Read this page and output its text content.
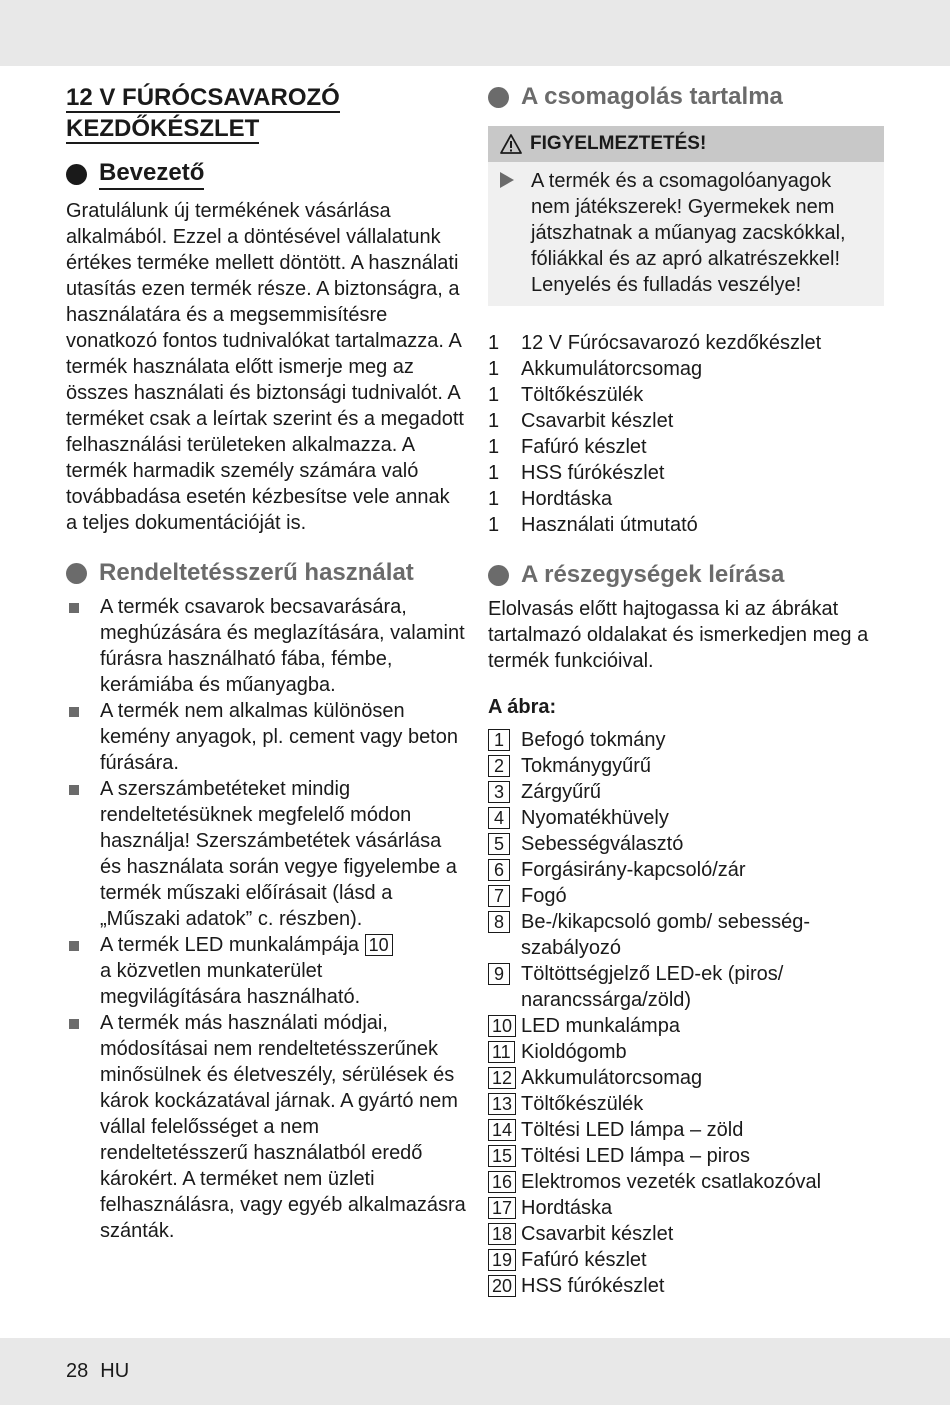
12 V FÚRÓCSAVAROZÓ
KEZDŐKÉSZLET
Bevezető

Gratulálunk új termékének vásárlása alkalmából. Ezzel a döntésével vállalatunk értékes terméke mellett döntött. A használati utasítás ezen termék része. A biztonságra, a használatára és a megsemmisítésre vonatkozó fontos tudnivalókat tartalmazza. A termék használata előtt ismerje meg az összes használati és biztonsági tudnivalót. A terméket csak a leírtak szerint és a megadott felhasználási területeken alkalmazza. A termék harmadik személy számára való továbbadása esetén kézbesítse vele annak a teljes dokumentációját is.

Rendeltetésszerű használat
A termék csavarok becsavarására, meghúzására és meglazítására, valamint fúrásra használható fába, fémbe, kerámiába és műanyagba.
A termék nem alkalmas különösen kemény anyagok, pl. cement vagy beton fúrására.
A szerszámbetéteket mindig rendeltetésüknek megfelelő módon használja! Szerszámbetétek vásárlása és használata során vegye figyelembe a termék műszaki előírásait (lásd a „Műszaki adatok” c. részben).
A termék LED munkalámpája 10
a közvetlen munkaterület megvilágítására használható.
A termék más használati módjai, módosításai nem rendeltetésszerűnek minősülnek és életveszély, sérülések és károk kockázatával járnak. A gyártó nem vállal felelősséget a nem rendeltetésszerű használatból eredő károkért. A terméket nem üzleti felhasználásra, vagy egyéb alkalmazásra szánták.
A csomagolás tartalma
FIGYELMEZTETÉS!
A termék és a csomagolóanyagok nem játékszerek! Gyermekek nem játszhatnak a műanyag zacskókkal, fóliákkal és az apró alkatrészekkel! Lenyelés és fulladás veszélye!
1	12 V Fúrócsavarozó kezdőkészlet
1	Akkumulátorcsomag
1	Töltőkészülék
1	Csavarbit készlet
1	Fafúró készlet
1	HSS fúrókészlet
1	Hordtáska
1	Használati útmutató
A részegységek leírása

Elolvasás előtt hajtogassa ki az ábrákat tartalmazó oldalakat és ismerkedjen meg a termék funkcióival.

A ábra:

1 Befogó tokmány
2 Tokmánygyűrű
3 Zárgyűrű
4 Nyomatékhüvely
5 Sebességválasztó
6 Forgásirány-kapcsoló/zár
7 Fogó
8 Be-/kikapcsoló gomb/ sebesség-szabályozó
9 Töltöttségjelző LED-ek (piros/ narancssárga/zöld)
10 LED munkalámpa
11 Kioldógomb
12 Akkumulátorcsomag
13 Töltőkészülék
14 Töltési LED lámpa – zöld
15 Töltési LED lámpa – piros
16 Elektromos vezeték csatlakozóval
17 Hordtáska
18 Csavarbit készlet
19 Fafúró készlet
20 HSS fúrókészlet
28 HU
